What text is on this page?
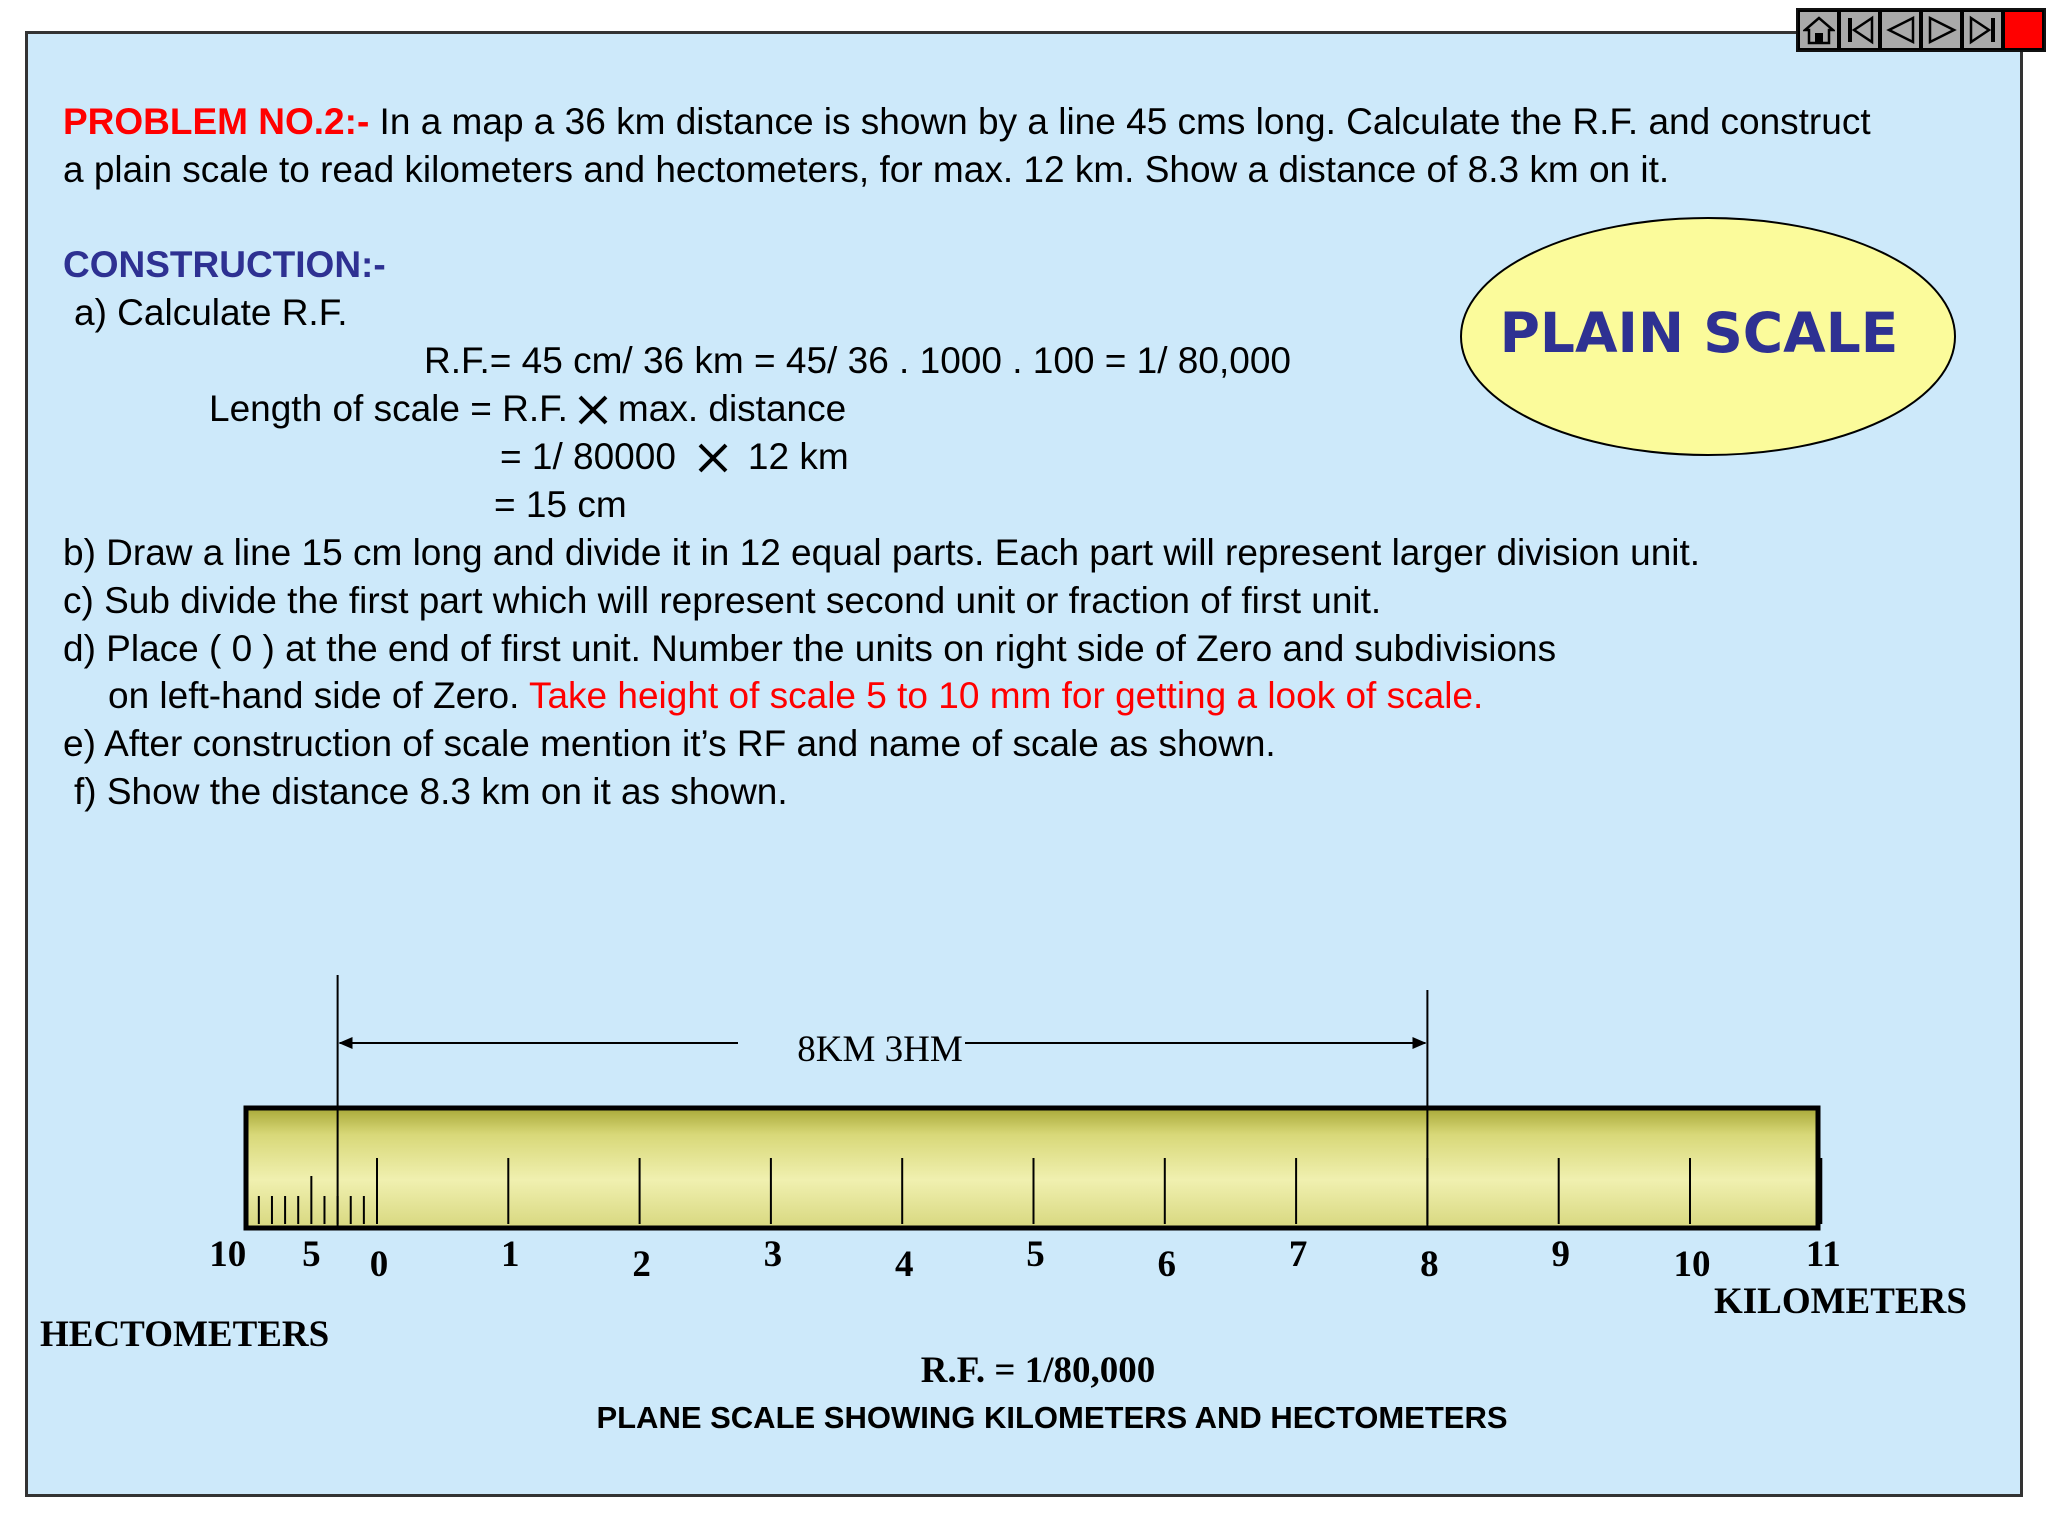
PROBLEM NO.2:- In a map a 36 km distance is shown by a line 45 cms long. Calculate the R.F. and construct
a plain scale to read kilometers and hectometers, for max. 12 km. Show a distance of 8.3 km on it.
CONSTRUCTION:-
a) Calculate R.F.
R.F.= 45 cm/ 36 km = 45/ 36 . 1000 . 100 = 1/ 80,000
Length of scale = R.F. max. distance
= 1/ 80000 12 km
= 15 cm
b) Draw a line 15 cm long and divide it in 12 equal parts. Each part will represent larger division unit.
c) Sub divide the first part which will represent second unit or fraction of first unit.
d) Place ( 0 ) at the end of first unit. Number the units on right side of Zero and subdivisions
on left-hand side of Zero. Take height of scale 5 to 10 mm for getting a look of scale.
e) After construction of scale mention it’s RF and name of scale as shown.
f) Show the distance 8.3 km on it as shown.
PLAIN SCALE
0	1	2	3	4	5	6	7	8	9	10	11
10 5
8KM 3HM
HECTOMETERS
KILOMETERS
R.F. = 1/80,000
PLANE SCALE SHOWING KILOMETERS AND HECTOMETERS
